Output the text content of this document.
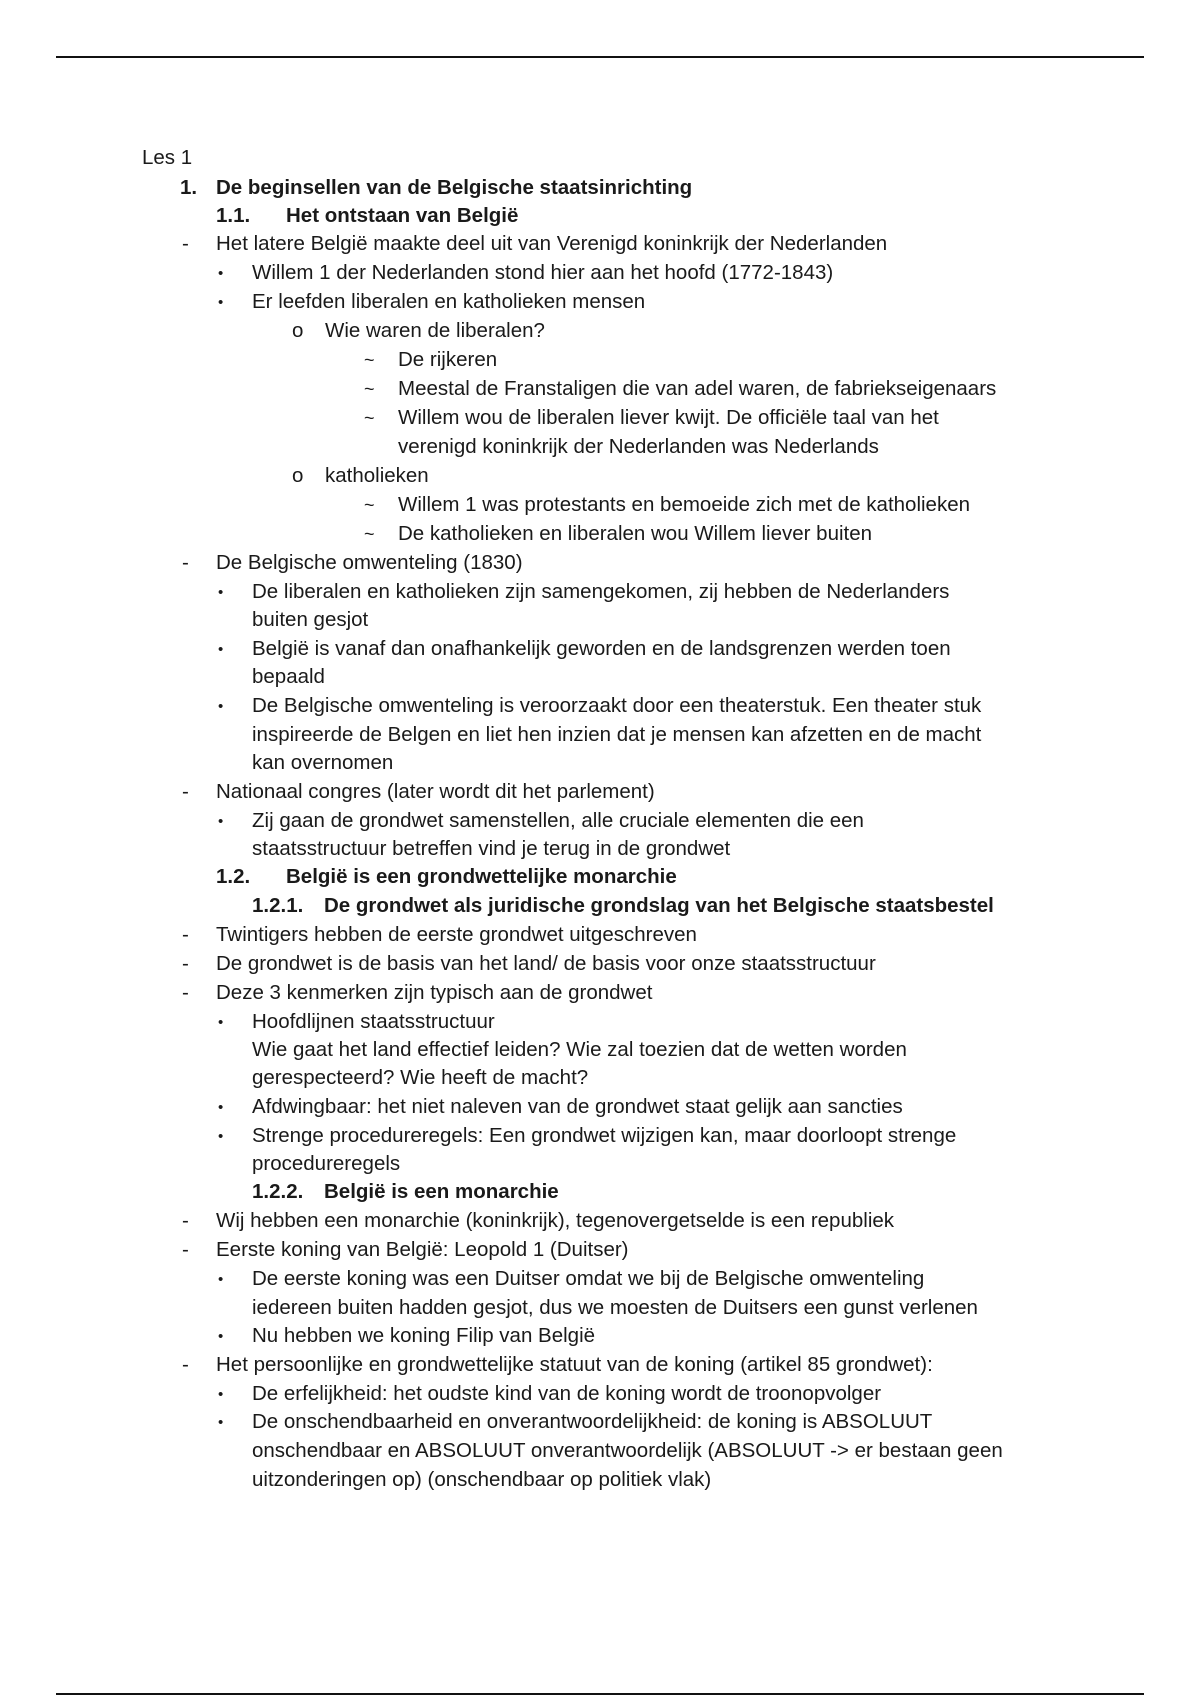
Les 1
1. De beginsellen van de Belgische staatsinrichting
1.1. Het ontstaan van België
- Het latere België maakte deel uit van Verenigd koninkrijk der Nederlanden
• Willem 1 der Nederlanden stond hier aan het hoofd (1772-1843)
• Er leefden liberalen en katholieken mensen
o Wie waren de liberalen?
~ De rijkeren
~ Meestal de Franstaligen die van adel waren, de fabriekseigenaars
~ Willem wou de liberalen liever kwijt. De officiële taal van het
verenigd koninkrijk der Nederlanden was Nederlands
o katholieken
~ Willem 1 was protestants en bemoeide zich met de katholieken
~ De katholieken en liberalen wou Willem liever buiten
- De Belgische omwenteling (1830)
• De liberalen en katholieken zijn samengekomen, zij hebben de Nederlanders
buiten gesjot
• België is vanaf dan onafhankelijk geworden en de landsgrenzen werden toen
bepaald
• De Belgische omwenteling is veroorzaakt door een theaterstuk. Een theater stuk
inspireerde de Belgen en liet hen inzien dat je mensen kan afzetten en de macht
kan overnomen
- Nationaal congres (later wordt dit het parlement)
• Zij gaan de grondwet samenstellen, alle cruciale elementen die een
staatsstructuur betreffen vind je terug in de grondwet
1.2. België is een grondwettelijke monarchie
1.2.1. De grondwet als juridische grondslag van het Belgische staatsbestel
- Twintigers hebben de eerste grondwet uitgeschreven
- De grondwet is de basis van het land/ de basis voor onze staatsstructuur
- Deze 3 kenmerken zijn typisch aan de grondwet
• Hoofdlijnen staatsstructuur
Wie gaat het land effectief leiden? Wie zal toezien dat de wetten worden
gerespecteerd? Wie heeft de macht?
• Afdwingbaar: het niet naleven van de grondwet staat gelijk aan sancties
• Strenge procedureregels: Een grondwet wijzigen kan, maar doorloopt strenge
procedureregels
1.2.2. België is een monarchie
- Wij hebben een monarchie (koninkrijk), tegenovergetselde is een republiek
- Eerste koning van België: Leopold 1 (Duitser)
• De eerste koning was een Duitser omdat we bij de Belgische omwenteling
iedereen buiten hadden gesjot, dus we moesten de Duitsers een gunst verlenen
• Nu hebben we koning Filip van België
- Het persoonlijke en grondwettelijke statuut van de koning (artikel 85 grondwet):
• De erfelijkheid: het oudste kind van de koning wordt de troonopvolger
• De onschendbaarheid en onverantwoordelijkheid: de koning is ABSOLUUT
onschendbaar en ABSOLUUT onverantwoordelijk (ABSOLUUT -> er bestaan geen
uitzonderingen op) (onschendbaar op politiek vlak)
